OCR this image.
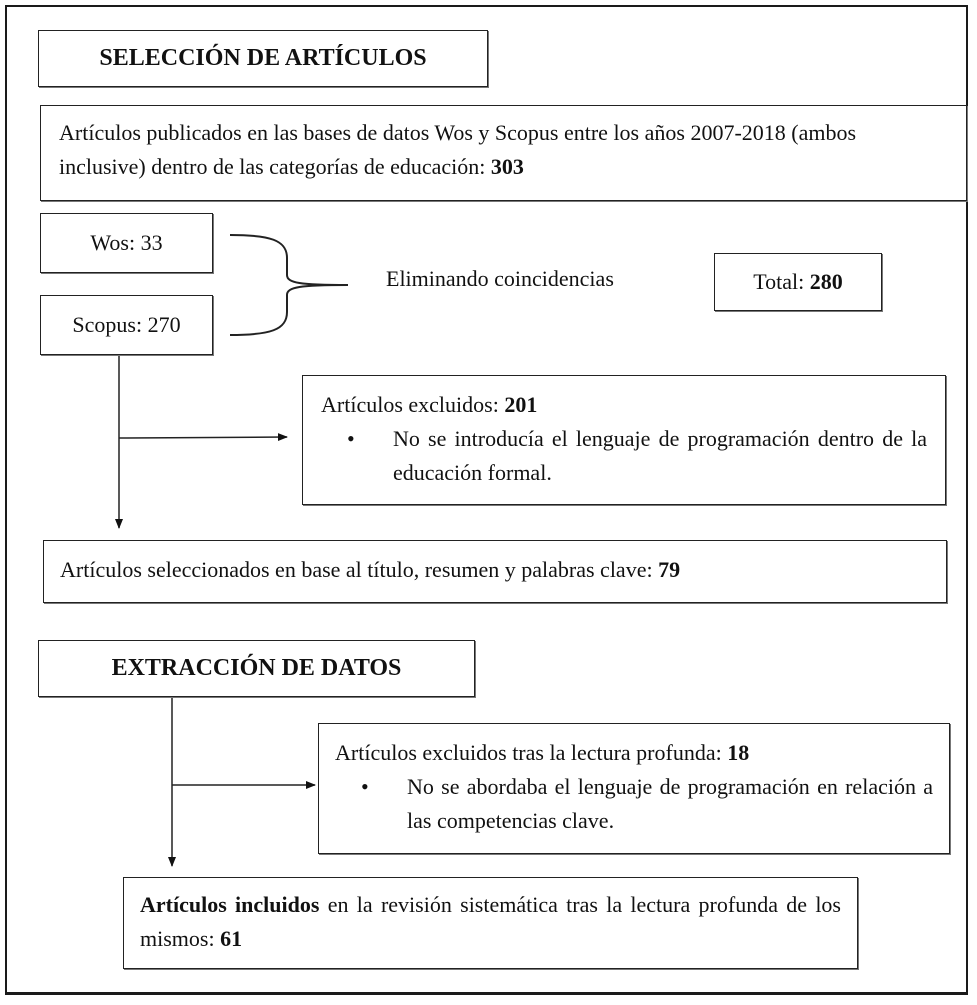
SELECCIÓN DE ARTÍCULOS
Artículos publicados en las bases de datos Wos y Scopus entre los años 2007-2018 (ambos inclusive) dentro de las categorías de educación: 303
Wos: 33
Scopus: 270
Eliminando coincidencias	Total: 280
Artículos excluidos: 201
• No se introducía el lenguaje de programación dentro de la educación formal.
Artículos seleccionados en base al título, resumen y palabras clave: 79
EXTRACCIÓN DE DATOS
Artículos excluidos tras la lectura profunda: 18
• No se abordaba el lenguaje de programación en relación a las competencias clave.
Artículos incluidos en la revisión sistemática tras la lectura profunda de los mismos: 61
